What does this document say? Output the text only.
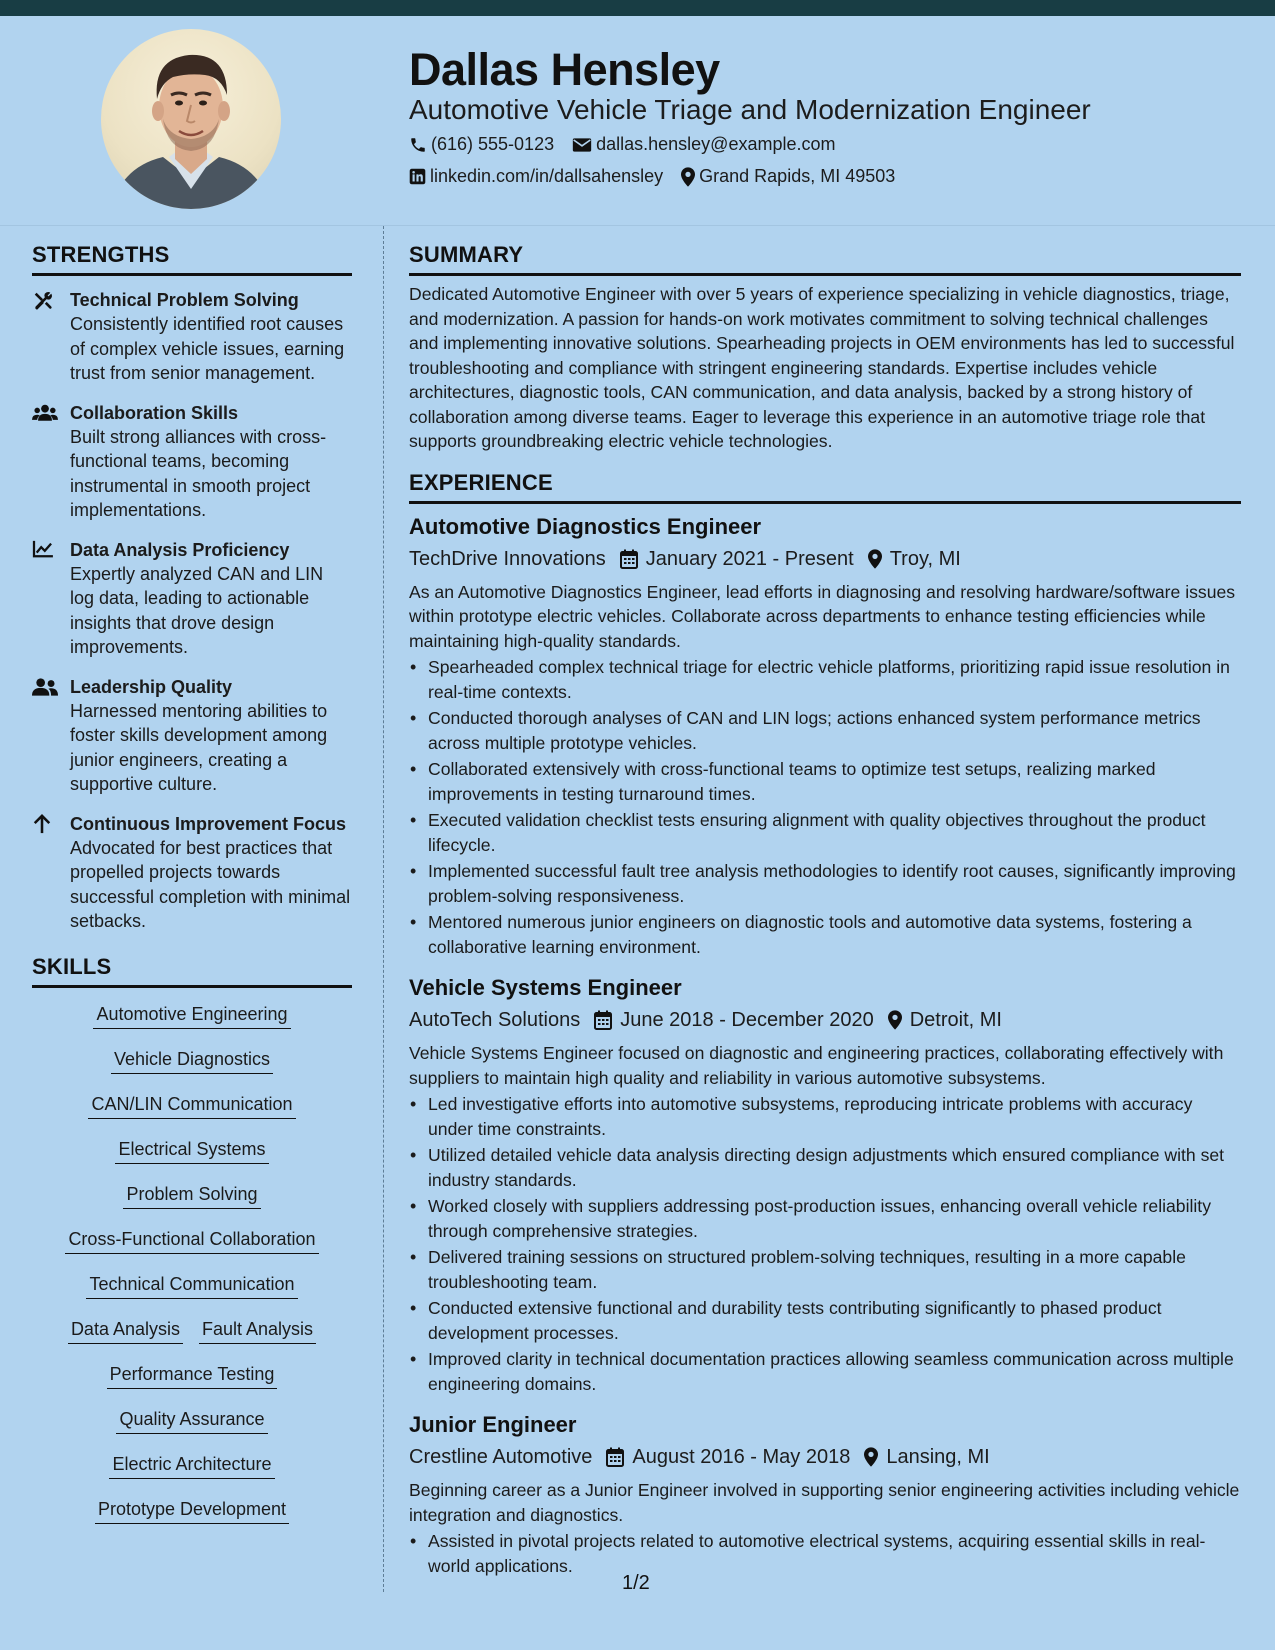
Dallas Hensley
Automotive Vehicle Triage and Modernization Engineer
(616) 555-0123 dallas.hensley@example.com
linkedin.com/in/dallsahensley Grand Rapids, MI 49503
STRENGTHS
Technical Problem Solving
Consistently identified root causes of complex vehicle issues, earning trust from senior management.
Collaboration Skills
Built strong alliances with cross-functional teams, becoming instrumental in smooth project implementations.
Data Analysis Proficiency
Expertly analyzed CAN and LIN log data, leading to actionable insights that drove design improvements.
Leadership Quality
Harnessed mentoring abilities to foster skills development among junior engineers, creating a supportive culture.
Continuous Improvement Focus
Advocated for best practices that propelled projects towards successful completion with minimal setbacks.
SKILLS
Automotive Engineering
Vehicle Diagnostics
CAN/LIN Communication
Electrical Systems
Problem Solving
Cross-Functional Collaboration
Technical Communication
Data Analysis Fault Analysis
Performance Testing
Quality Assurance
Electric Architecture
Prototype Development
SUMMARY

Dedicated Automotive Engineer with over 5 years of experience specializing in vehicle diagnostics, triage, and modernization. A passion for hands-on work motivates commitment to solving technical challenges and implementing innovative solutions. Spearheading projects in OEM environments has led to successful troubleshooting and compliance with stringent engineering standards. Expertise includes vehicle architectures, diagnostic tools, CAN communication, and data analysis, backed by a strong history of collaboration among diverse teams. Eager to leverage this experience in an automotive triage role that supports groundbreaking electric vehicle technologies.

EXPERIENCE
Automotive Diagnostics Engineer
TechDrive Innovations January 2021 - Present Troy, MI

As an Automotive Diagnostics Engineer, lead efforts in diagnosing and resolving hardware/software issues within prototype electric vehicles. Collaborate across departments to enhance testing efficiencies while maintaining high-quality standards.

• Spearheaded complex technical triage for electric vehicle platforms, prioritizing rapid issue resolution in real-time contexts.
• Conducted thorough analyses of CAN and LIN logs; actions enhanced system performance metrics across multiple prototype vehicles.
• Collaborated extensively with cross-functional teams to optimize test setups, realizing marked improvements in testing turnaround times.
• Executed validation checklist tests ensuring alignment with quality objectives throughout the product lifecycle.
• Implemented successful fault tree analysis methodologies to identify root causes, significantly improving problem-solving responsiveness.
• Mentored numerous junior engineers on diagnostic tools and automotive data systems, fostering a collaborative learning environment.
Vehicle Systems Engineer
AutoTech Solutions June 2018 - December 2020 Detroit, MI

Vehicle Systems Engineer focused on diagnostic and engineering practices, collaborating effectively with suppliers to maintain high quality and reliability in various automotive subsystems.

• Led investigative efforts into automotive subsystems, reproducing intricate problems with accuracy under time constraints.
• Utilized detailed vehicle data analysis directing design adjustments which ensured compliance with set industry standards.
• Worked closely with suppliers addressing post-production issues, enhancing overall vehicle reliability through comprehensive strategies.
• Delivered training sessions on structured problem-solving techniques, resulting in a more capable troubleshooting team.
• Conducted extensive functional and durability tests contributing significantly to phased product development processes.
• Improved clarity in technical documentation practices allowing seamless communication across multiple engineering domains.
Junior Engineer
Crestline Automotive August 2016 - May 2018 Lansing, MI

Beginning career as a Junior Engineer involved in supporting senior engineering activities including vehicle integration and diagnostics.

• Assisted in pivotal projects related to automotive electrical systems, acquiring essential skills in real-world applications.
1/2
